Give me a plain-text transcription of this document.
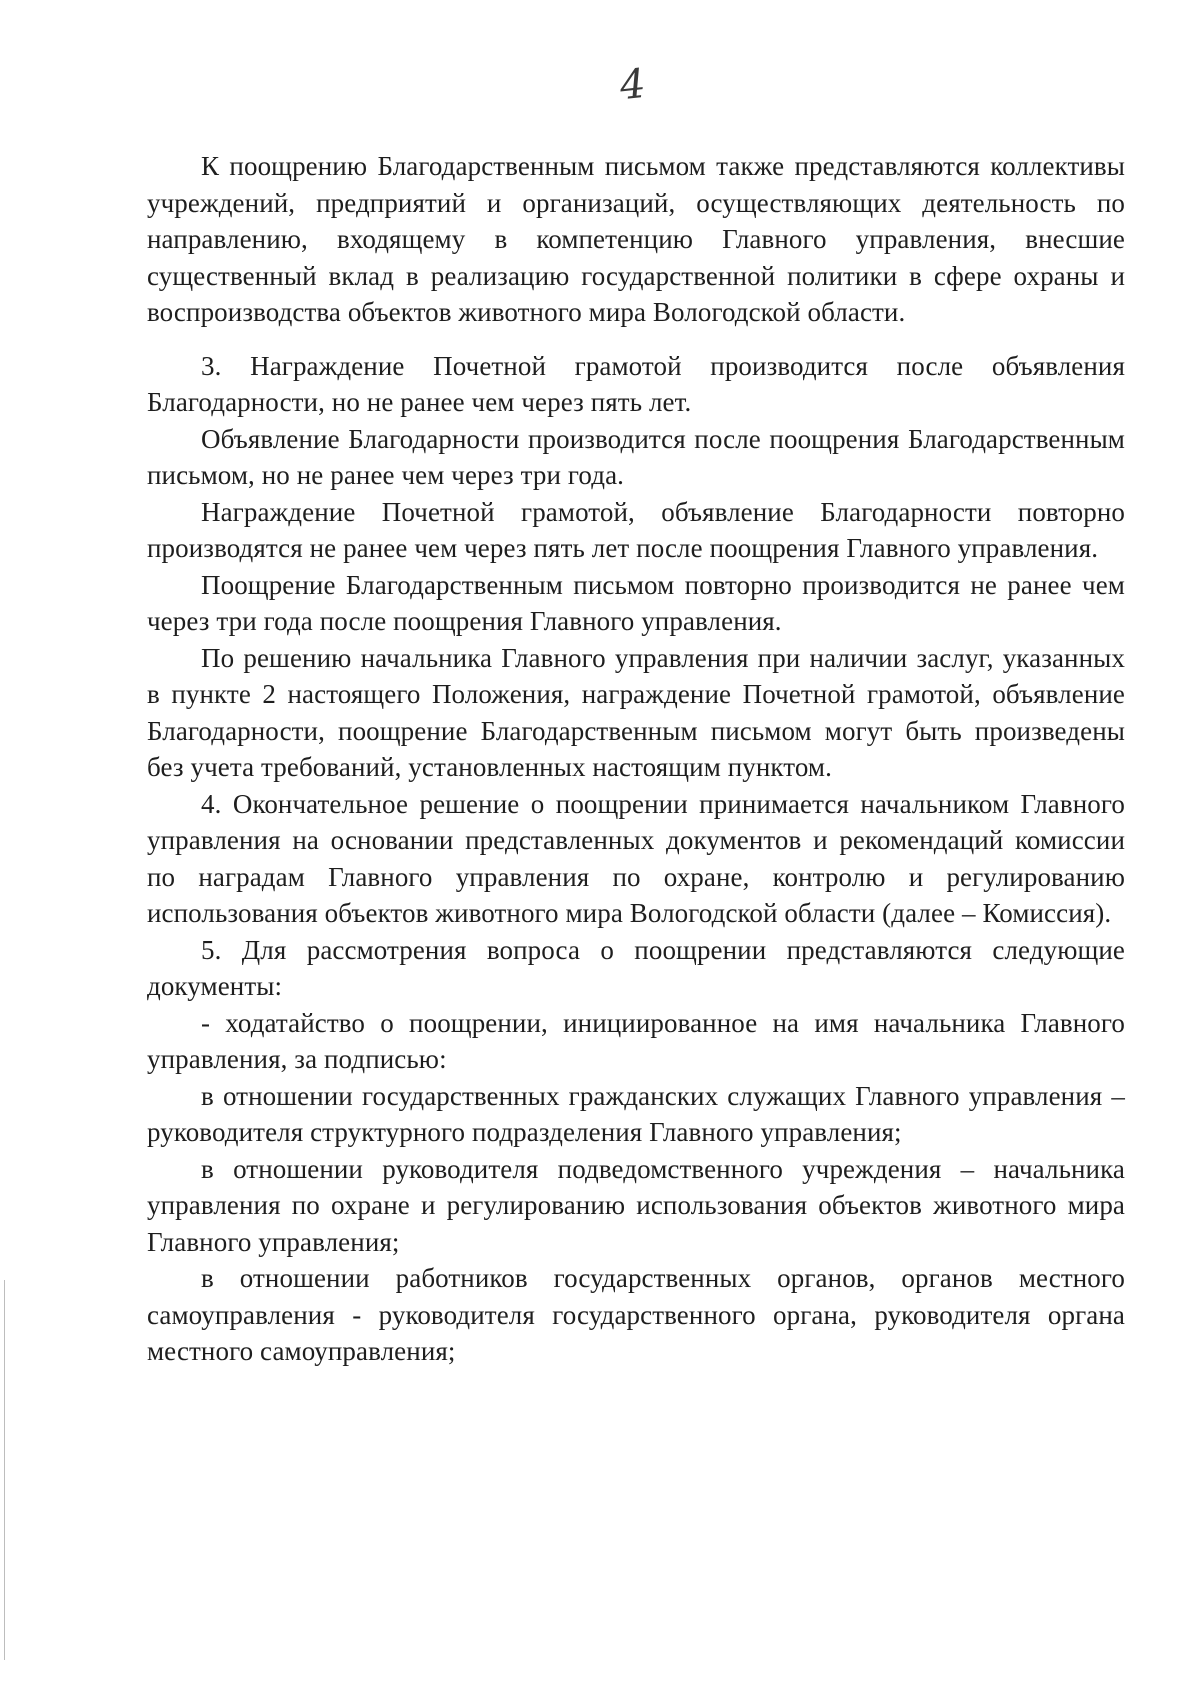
4

К поощрению Благодарственным письмом также представляются коллективы учреждений, предприятий и организаций, осуществляющих деятельность по направлению, входящему в компетенцию Главного управления, внесшие существенный вклад в реализацию государственной политики в сфере охраны и воспроизводства объектов животного мира Вологодской области.

3. Награждение Почетной грамотой производится после объявления Благодарности, но не ранее чем через пять лет.

Объявление Благодарности производится после поощрения Благодарственным письмом, но не ранее чем через три года.

Награждение Почетной грамотой, объявление Благодарности повторно производятся не ранее чем через пять лет после поощрения Главного управления.

Поощрение Благодарственным письмом повторно производится не ранее чем через три года после поощрения Главного управления.

По решению начальника Главного управления при наличии заслуг, указанных в пункте 2 настоящего Положения, награждение Почетной грамотой, объявление Благодарности, поощрение Благодарственным письмом могут быть произведены без учета требований, установленных настоящим пунктом.

4. Окончательное решение о поощрении принимается начальником Главного управления на основании представленных документов и рекомендаций комиссии по наградам Главного управления по охране, контролю и регулированию использования объектов животного мира Вологодской области (далее – Комиссия).

5. Для рассмотрения вопроса о поощрении представляются следующие документы:

- ходатайство о поощрении, инициированное на имя начальника Главного управления, за подписью:

в отношении государственных гражданских служащих Главного управления – руководителя структурного подразделения Главного управления;

в отношении руководителя подведомственного учреждения – начальника управления по охране и регулированию использования объектов животного мира Главного управления;

в отношении работников государственных органов, органов местного самоуправления - руководителя государственного органа, руководителя органа местного самоуправления;
